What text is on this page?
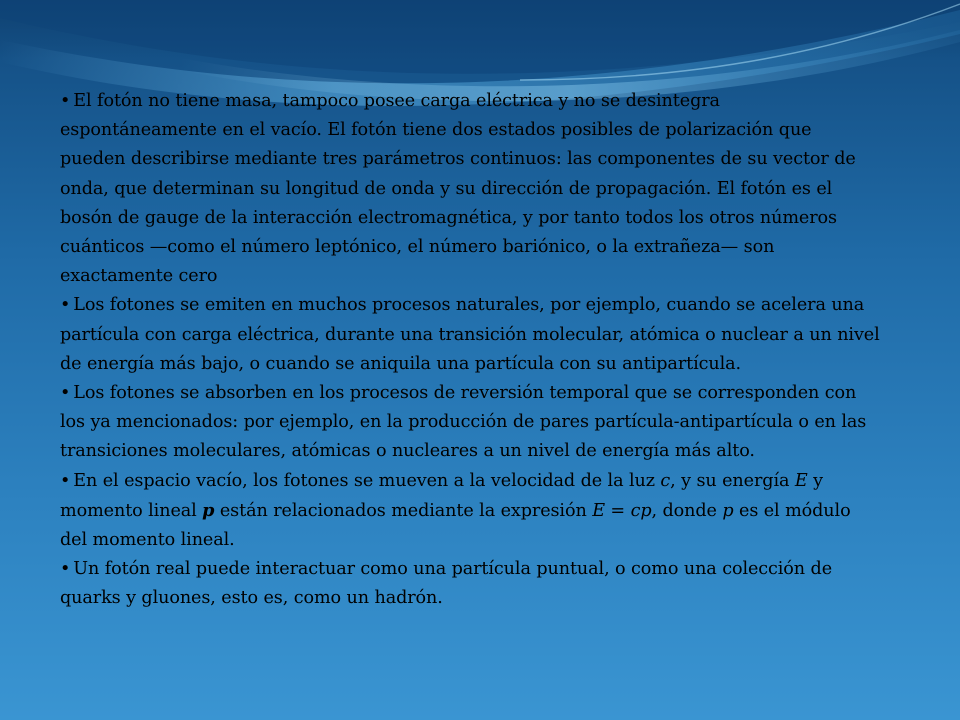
• El fotón no tiene masa, tampoco posee carga eléctrica y no se desintegra espontáneamente en el vacío. El fotón tiene dos estados posibles de polarización que pueden describirse mediante tres parámetros continuos: las componentes de su vector de onda, que determinan su longitud de onda y su dirección de propagación. El fotón es el bosón de gauge de la interacción electromagnética, y por tanto todos los otros números cuánticos —como el número leptónico, el número bariónico, o la extrañeza— son exactamente cero

• Los fotones se emiten en muchos procesos naturales, por ejemplo, cuando se acelera una partícula con carga eléctrica, durante una transición molecular, atómica o nuclear a un nivel de energía más bajo, o cuando se aniquila una partícula con su antipartícula.

• Los fotones se absorben en los procesos de reversión temporal que se corresponden con los ya mencionados: por ejemplo, en la producción de pares partícula-antipartícula o en las transiciones moleculares, atómicas o nucleares a un nivel de energía más alto.

• En el espacio vacío, los fotones se mueven a la velocidad de la luz c, y su energía E y momento lineal p están relacionados mediante la expresión E = cp, donde p es el módulo del momento lineal.

• Un fotón real puede interactuar como una partícula puntual, o como una colección de quarks y gluones, esto es, como un hadrón.
